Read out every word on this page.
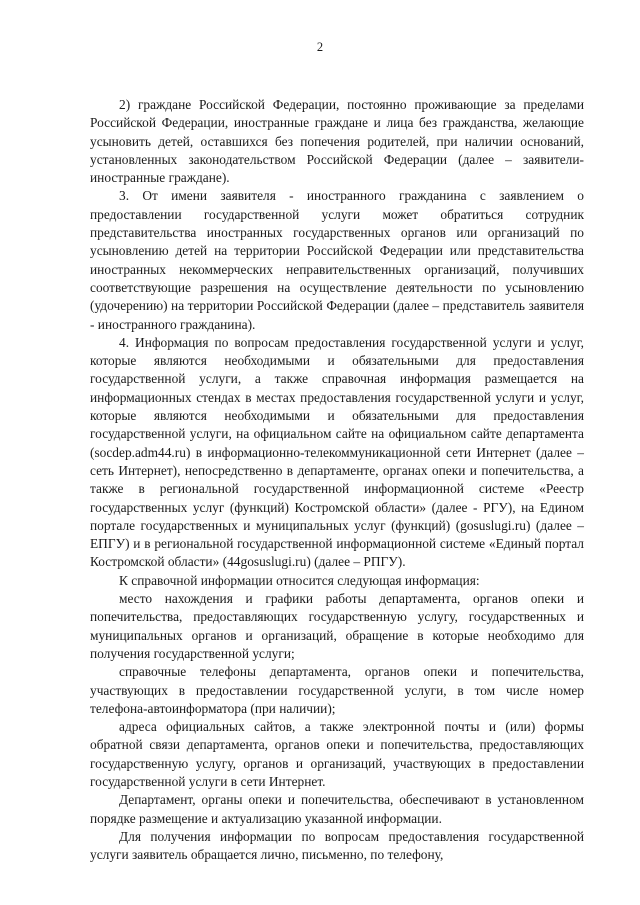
2

2) граждане Российской Федерации, постоянно проживающие за пределами Российской Федерации, иностранные граждане и лица без гражданства, желающие усыновить детей, оставшихся без попечения родителей, при наличии оснований, установленных законодательством Российской Федерации (далее – заявители-иностранные граждане).

3. От имени заявителя - иностранного гражданина с заявлением о предоставлении государственной услуги может обратиться сотрудник представительства иностранных государственных органов или организаций по усыновлению детей на территории Российской Федерации или представительства иностранных некоммерческих неправительственных организаций, получивших соответствующие разрешения на осуществление деятельности по усыновлению (удочерению) на территории Российской Федерации (далее – представитель заявителя - иностранного гражданина).

4. Информация по вопросам предоставления государственной услуги и услуг, которые являются необходимыми и обязательными для предоставления государственной услуги, а также справочная информация размещается на информационных стендах в местах предоставления государственной услуги и услуг, которые являются необходимыми и обязательными для предоставления государственной услуги, на официальном сайте на официальном сайте департамента (socdep.adm44.ru) в информационно-телекоммуникационной сети Интернет (далее – сеть Интернет), непосредственно в департаменте, органах опеки и попечительства, а также в региональной государственной информационной системе «Реестр государственных услуг (функций) Костромской области» (далее - РГУ), на Едином портале государственных и муниципальных услуг (функций) (gosuslugi.ru) (далее – ЕПГУ) и в региональной государственной информационной системе «Единый портал Костромской области» (44gosuslugi.ru) (далее – РПГУ).

К справочной информации относится следующая информация:

место нахождения и графики работы департамента, органов опеки и попечительства, предоставляющих государственную услугу, государственных и муниципальных органов и организаций, обращение в которые необходимо для получения государственной услуги;

справочные телефоны департамента, органов опеки и попечительства, участвующих в предоставлении государственной услуги, в том числе номер телефона-автоинформатора (при наличии);

адреса официальных сайтов, а также электронной почты и (или) формы обратной связи департамента, органов опеки и попечительства, предоставляющих государственную услугу, органов и организаций, участвующих в предоставлении государственной услуги в сети Интернет.

Департамент, органы опеки и попечительства, обеспечивают в установленном порядке размещение и актуализацию указанной информации.

Для получения информации по вопросам предоставления государственной услуги заявитель обращается лично, письменно, по телефону,
